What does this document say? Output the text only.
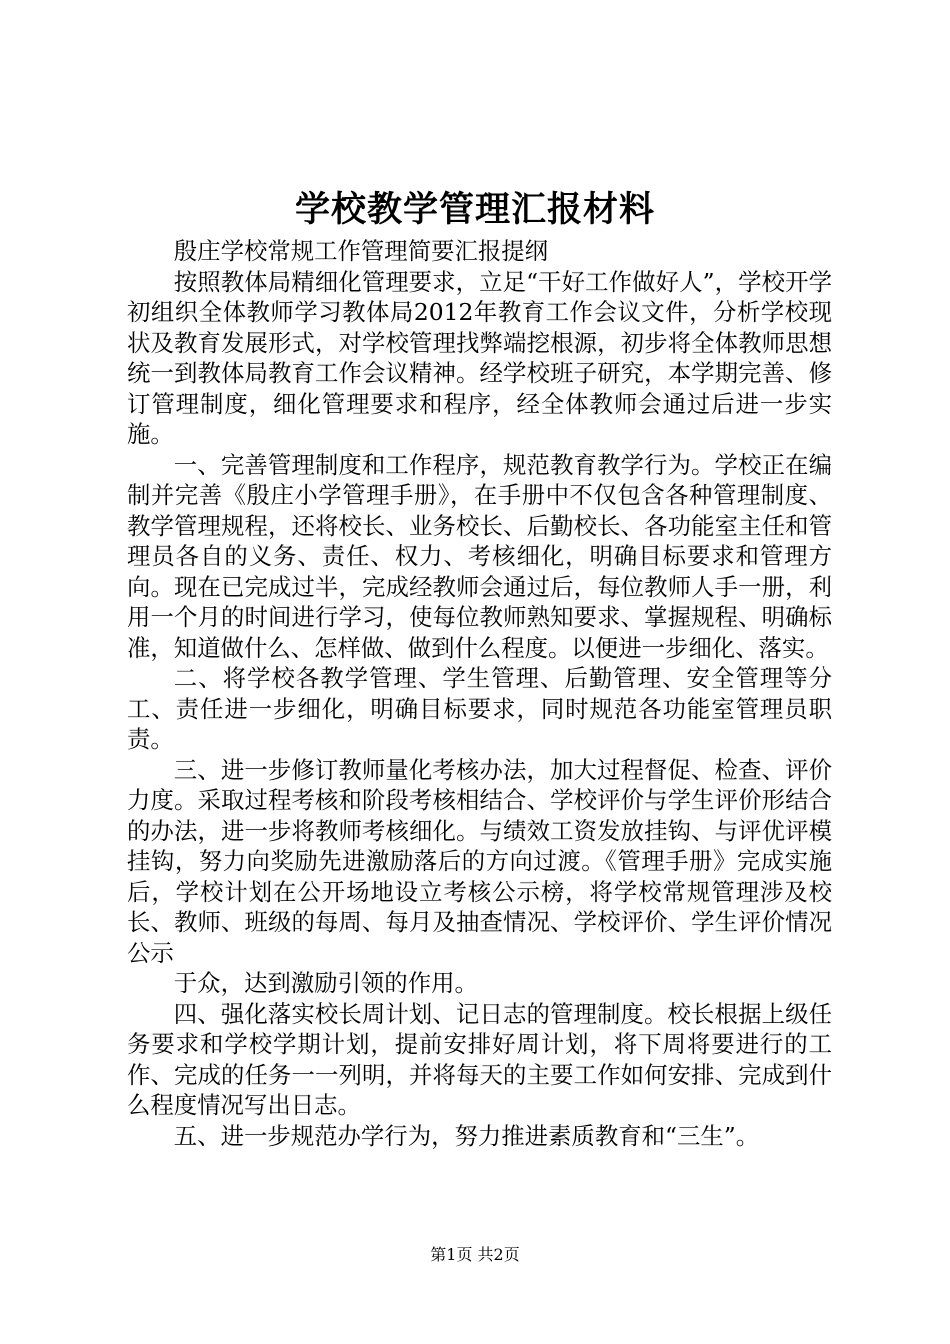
学校教学管理汇报材料

殷庄学校常规工作管理简要汇报提纲

按照教体局精细化管理要求，立足“干好工作做好人”，学校开学初组织全体教师学习教体局2012年教育工作会议文件，分析学校现状及教育发展形式，对学校管理找弊端挖根源，初步将全体教师思想统一到教体局教育工作会议精神。经学校班子研究，本学期完善、修订管理制度，细化管理要求和程序，经全体教师会通过后进一步实施。

一、完善管理制度和工作程序，规范教育教学行为。学校正在编制并完善《殷庄小学管理手册》，在手册中不仅包含各种管理制度、教学管理规程，还将校长、业务校长、后勤校长、各功能室主任和管理员各自的义务、责任、权力、考核细化，明确目标要求和管理方向。现在已完成过半，完成经教师会通过后，每位教师人手一册，利用一个月的时间进行学习，使每位教师熟知要求、掌握规程、明确标准，知道做什么、怎样做、做到什么程度。以便进一步细化、落实。

二、将学校各教学管理、学生管理、后勤管理、安全管理等分工、责任进一步细化，明确目标要求，同时规范各功能室管理员职责。

三、进一步修订教师量化考核办法，加大过程督促、检查、评价力度。采取过程考核和阶段考核相结合、学校评价与学生评价形结合的办法，进一步将教师考核细化。与绩效工资发放挂钩、与评优评模挂钩，努力向奖励先进激励落后的方向过渡。《管理手册》完成实施后，学校计划在公开场地设立考核公示榜，将学校常规管理涉及校长、教师、班级的每周、每月及抽查情况、学校评价、学生评价情况公示

于众，达到激励引领的作用。

四、强化落实校长周计划、记日志的管理制度。校长根据上级任务要求和学校学期计划，提前安排好周计划，将下周将要进行的工作、完成的任务一一列明，并将每天的主要工作如何安排、完成到什么程度情况写出日志。

五、进一步规范办学行为，努力推进素质教育和“三生”。

第1页 共2页
